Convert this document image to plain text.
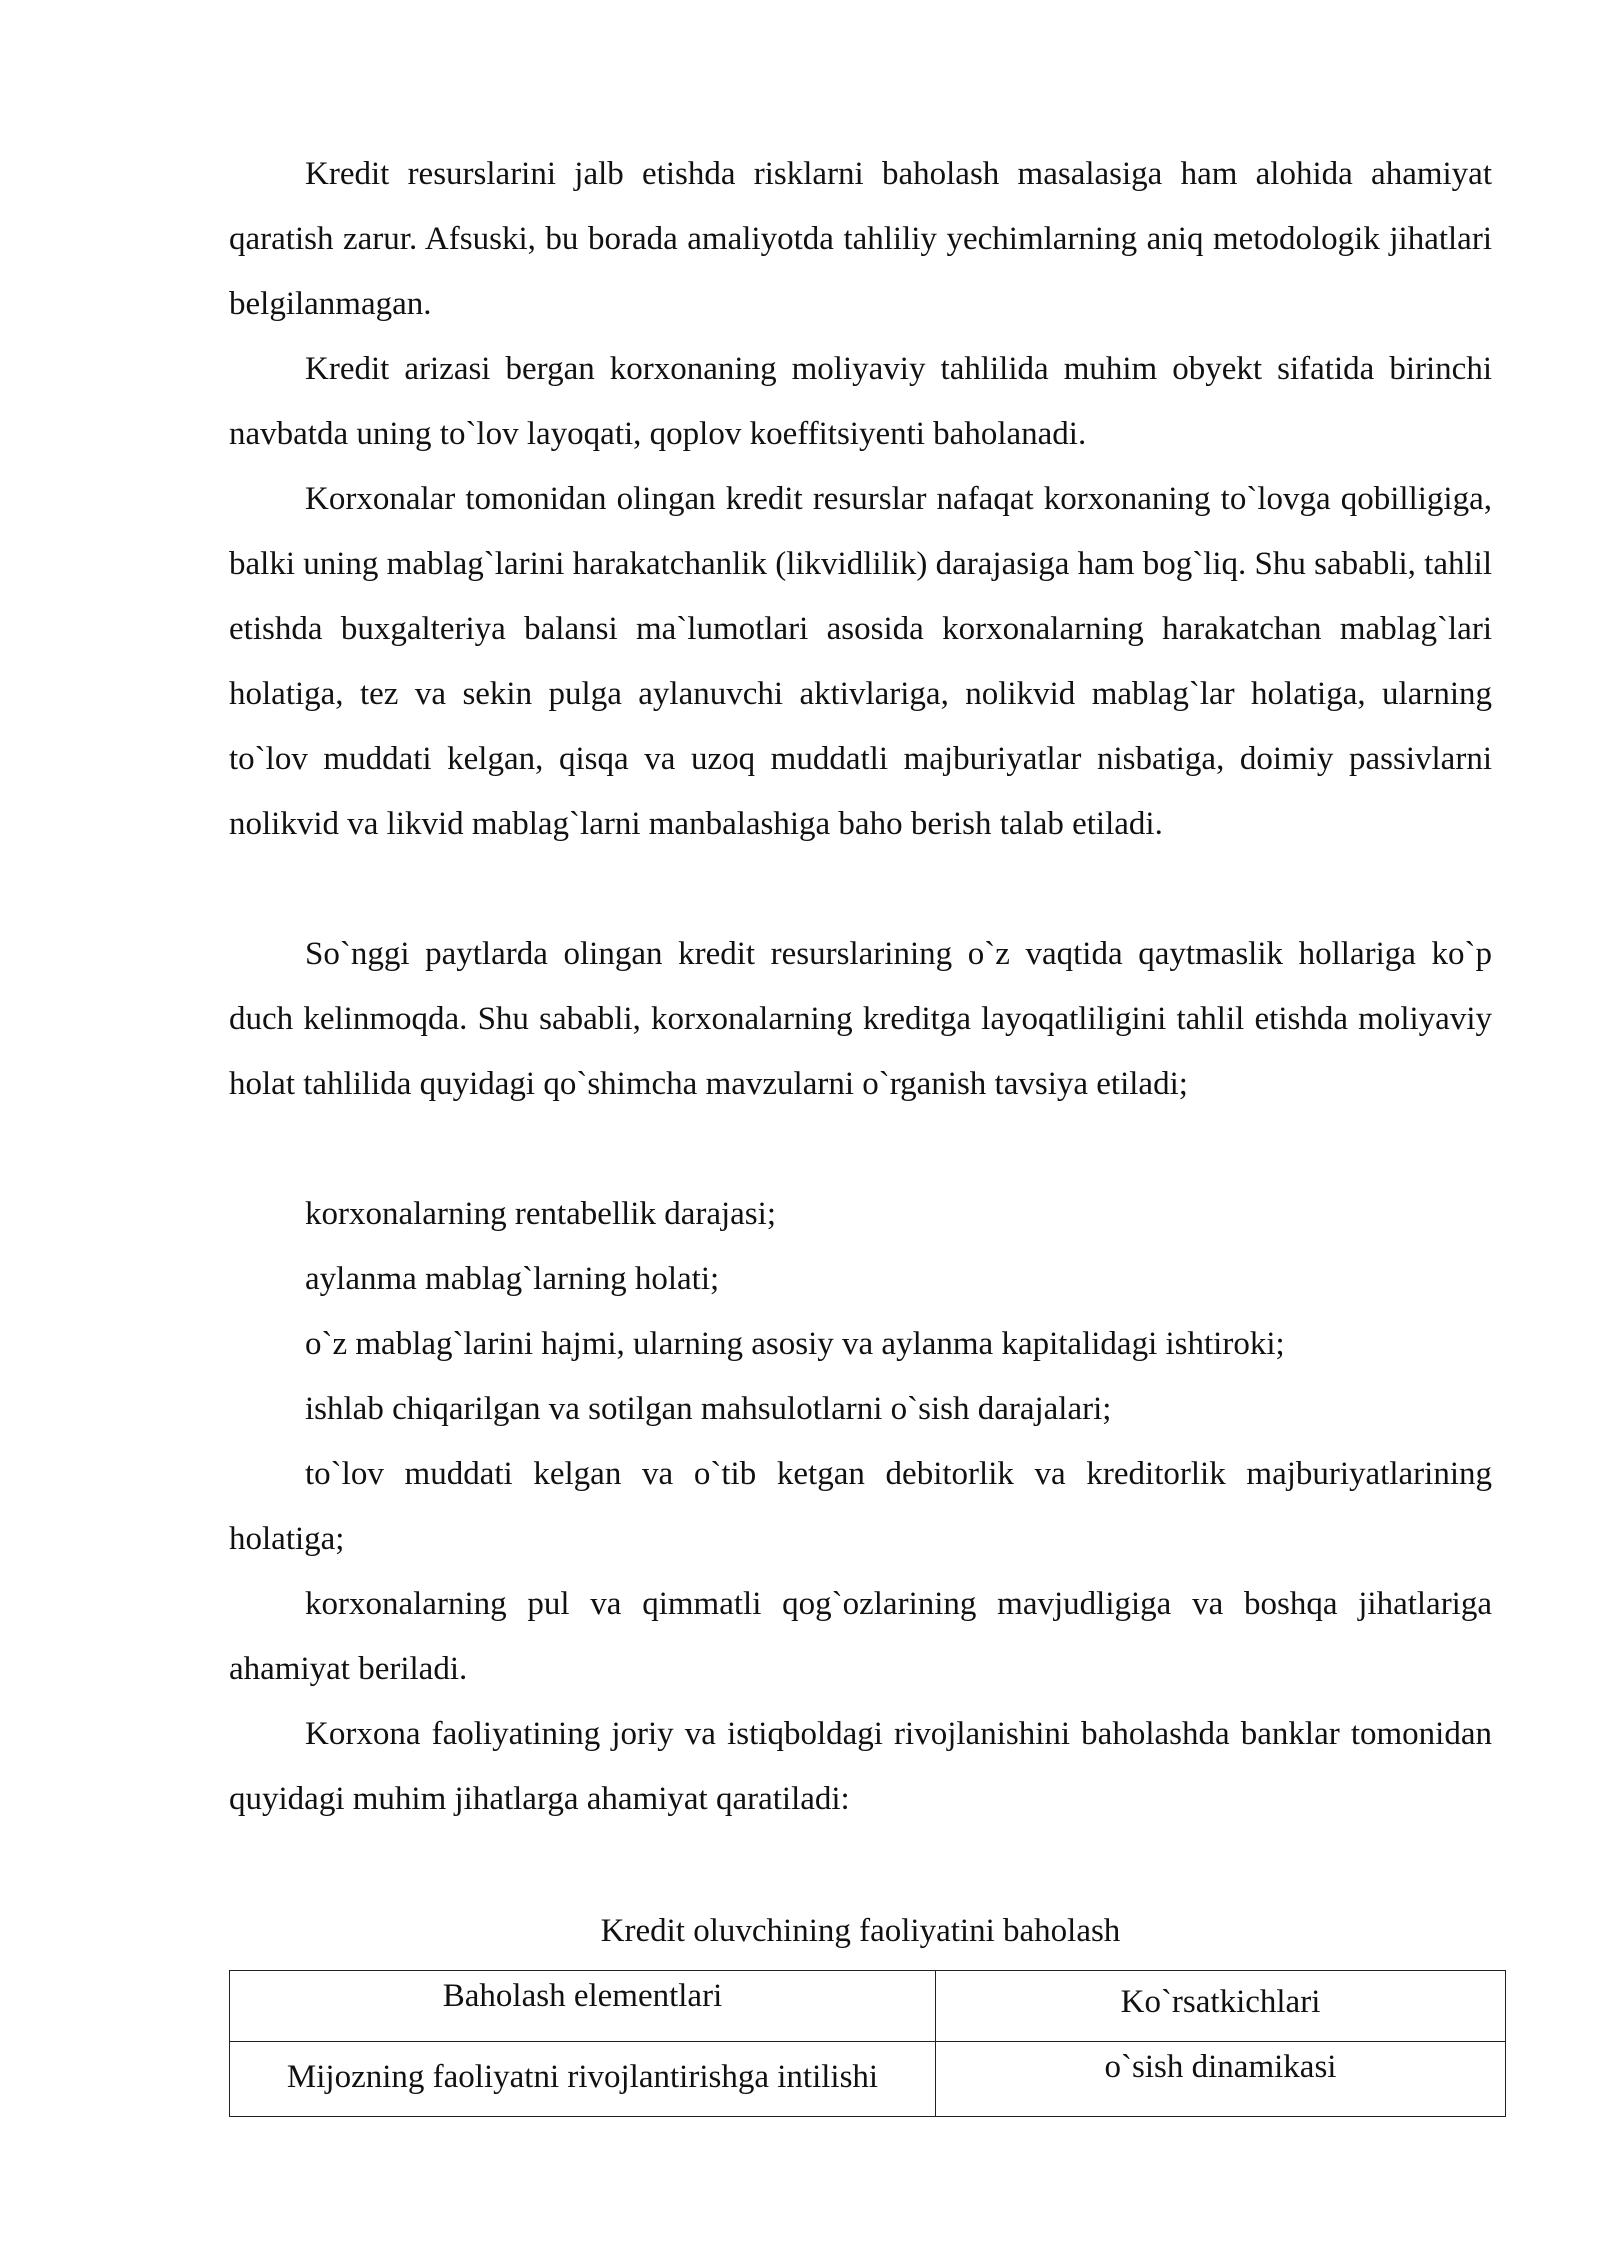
Kredit resurslarini jalb etishda risklarni baholash masalasiga ham alohida ahamiyat qaratish zarur. Afsuski, bu borada amaliyotda tahliliy yechimlarning aniq metodologik jihatlari belgilanmagan.

Kredit arizasi bergan korxonaning moliyaviy tahlilida muhim obyekt sifatida birinchi navbatda uning to`lov layoqati, qoplov koeffitsiyenti baholanadi.

Korxonalar tomonidan olingan kredit resurslar nafaqat korxonaning to`lovga qobilligiga, balki uning mablag`larini harakatchanlik (likvidlilik) darajasiga ham bog`liq. Shu sababli, tahlil etishda buxgalteriya balansi ma`lumotlari asosida korxonalarning harakatchan mablag`lari holatiga, tez va sekin pulga aylanuvchi aktivlariga, nolikvid mablag`lar holatiga, ularning to`lov muddati kelgan, qisqa va uzoq muddatli majburiyatlar nisbatiga, doimiy passivlarni nolikvid va likvid mablag`larni manbalashiga baho berish talab etiladi.

So`nggi paytlarda olingan kredit resurslarining o`z vaqtida qaytmaslik hollariga ko`p duch kelinmoqda. Shu sababli, korxonalarning kreditga layoqatliligini tahlil etishda moliyaviy holat tahlilida quyidagi qo`shimcha mavzularni o`rganish tavsiya etiladi;

korxonalarning rentabellik darajasi;

aylanma mablag`larning holati;

o`z mablag`larini hajmi, ularning asosiy va aylanma kapitalidagi ishtiroki;

ishlab chiqarilgan va sotilgan mahsulotlarni o`sish darajalari;

to`lov muddati kelgan va o`tib ketgan debitorlik va kreditorlik majburiyatlarining holatiga;

korxonalarning pul va qimmatli qog`ozlarining mavjudligiga va boshqa jihatlariga ahamiyat beriladi.

Korxona faoliyatining joriy va istiqboldagi rivojlanishini baholashda banklar tomonidan quyidagi muhim jihatlarga ahamiyat qaratiladi:

Kredit oluvchining faoliyatini baholash
Baholash elementlari	Ko`rsatkichlari
Mijozning faoliyatni rivojlantirishga intilishi	o`sish dinamikasi
